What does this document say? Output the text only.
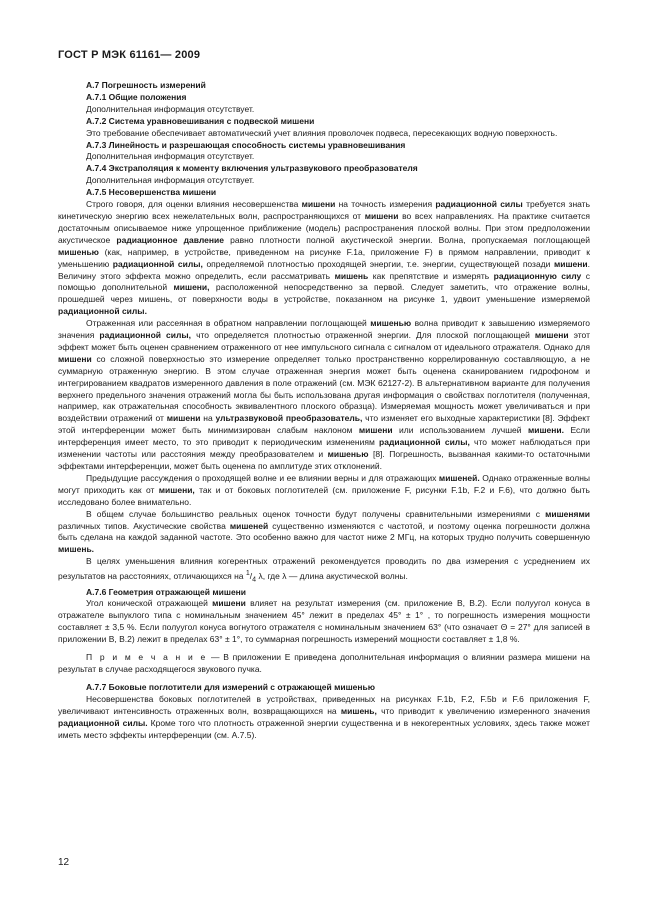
ГОСТ Р МЭК 61161— 2009

А.7 Погрешность измерений

А.7.1 Общие положения

Дополнительная информация отсутствует.

А.7.2 Система уравновешивания с подвеской мишени

Это требование обеспечивает автоматический учет влияния проволочек подвеса, пересекающих водную поверхность.

А.7.3 Линейность и разрешающая способность системы уравновешивания

Дополнительная информация отсутствует.

А.7.4 Экстраполяция к моменту включения ультразвукового преобразователя

Дополнительная информация отсутствует.

А.7.5 Несовершенства мишени

Строго говоря, для оценки влияния несовершенства мишени на точность измерения радиационной силы требуется знать кинетическую энергию всех нежелательных волн, распространяющихся от мишени во всех направлениях. На практике считается достаточным описываемое ниже упрощенное приближение (модель) распространения плоской волны. При этом предположении акустическое радиационное давление равно плотности полной акустической энергии. Волна, пропускаемая поглощающей мишенью (как, например, в устройстве, приведенном на рисунке F.1a, приложение F) в прямом направлении, приводит к уменьшению радиационной силы, определяемой плотностью проходящей энергии, т.е. энергии, существующей позади мишени. Величину этого эффекта можно определить, если рассматривать мишень как препятствие и измерять радиационную силу с помощью дополнительной мишени, расположенной непосредственно за первой. Следует заметить, что отражение волны, прошедшей через мишень, от поверхности воды в устройстве, показанном на рисунке 1, удвоит уменьшение измеряемой радиационной силы.

Отраженная или рассеянная в обратном направлении поглощающей мишенью волна приводит к завышению измеряемого значения радиационной силы, что определяется плотностью отраженной энергии. Для плоской поглощающей мишени этот эффект может быть оценен сравнением отраженного от нее импульсного сигнала с сигналом от идеального отражателя. Однако для мишени со сложной поверхностью это измерение определяет только пространственно коррелированную составляющую, а не суммарную отраженную энергию. В этом случае отраженная энергия может быть оценена сканированием гидрофоном и интегрированием квадратов измеренного давления в поле отражений (см. МЭК 62127-2). В альтернативном варианте для получения верхнего предельного значения отражений могла бы быть использована другая информация о свойствах поглотителя (полученная, например, как отражательная способность эквивалентного плоского образца). Измеряемая мощность может увеличиваться и при воздействии отражений от мишени на ультразвуковой преобразователь, что изменяет его выходные характеристики [8]. Эффект этой интерференции может быть минимизирован слабым наклоном мишени или использованием лучшей мишени. Если интерференция имеет место, то это приводит к периодическим изменениям радиационной силы, что может наблюдаться при изменении частоты или расстояния между преобразователем и мишенью [8]. Погрешность, вызванная какими-то остаточными эффектами интерференции, может быть оценена по амплитуде этих отклонений.

Предыдущие рассуждения о проходящей волне и ее влиянии верны и для отражающих мишеней. Однако отраженные волны могут приходить как от мишени, так и от боковых поглотителей (см. приложение F, рисунки F.1b, F.2 и F.6), что должно быть исследовано более внимательно.

В общем случае большинство реальных оценок точности будут получены сравнительными измерениями с мишенями различных типов. Акустические свойства мишеней существенно изменяются с частотой, и поэтому оценка погрешности должна быть сделана на каждой заданной частоте. Это особенно важно для частот ниже 2 МГц, на которых трудно получить совершенную мишень.

В целях уменьшения влияния когерентных отражений рекомендуется проводить по два измерения с усреднением их результатов на расстояниях, отличающихся на $^1/_4$ λ, где λ — длина акустической волны.

А.7.6 Геометрия отражающей мишени

Угол конической отражающей мишени влияет на результат измерения (см. приложение В, В.2). Если полуугол конуса в отражателе выпуклого типа с номинальным значением 45° лежит в пределах 45° ± 1° , то погрешность измерения мощности составляет ± 3,5 %. Если полуугол конуса вогнутого отражателя с номинальным значением 63° (что означает Θ = 27° для записей в приложении В, В.2) лежит в пределах 63° ± 1°, то суммарная погрешность измерений мощности составляет ± 1,8 %.

П р и м е ч а н и е — В приложении Е приведена дополнительная информация о влиянии размера мишени на результат в случае расходящегося звукового пучка.

А.7.7 Боковые поглотители для измерений с отражающей мишенью

Несовершенства боковых поглотителей в устройствах, приведенных на рисунках F.1b, F.2, F.5b и F.6 приложения F, увеличивают интенсивность отраженных волн, возвращающихся на мишень, что приводит к увеличению измеренного значения радиационной силы. Кроме того что плотность отраженной энергии существенна и в некогерентных условиях, здесь также может иметь место эффекты интерференции (см. А.7.5).

12
